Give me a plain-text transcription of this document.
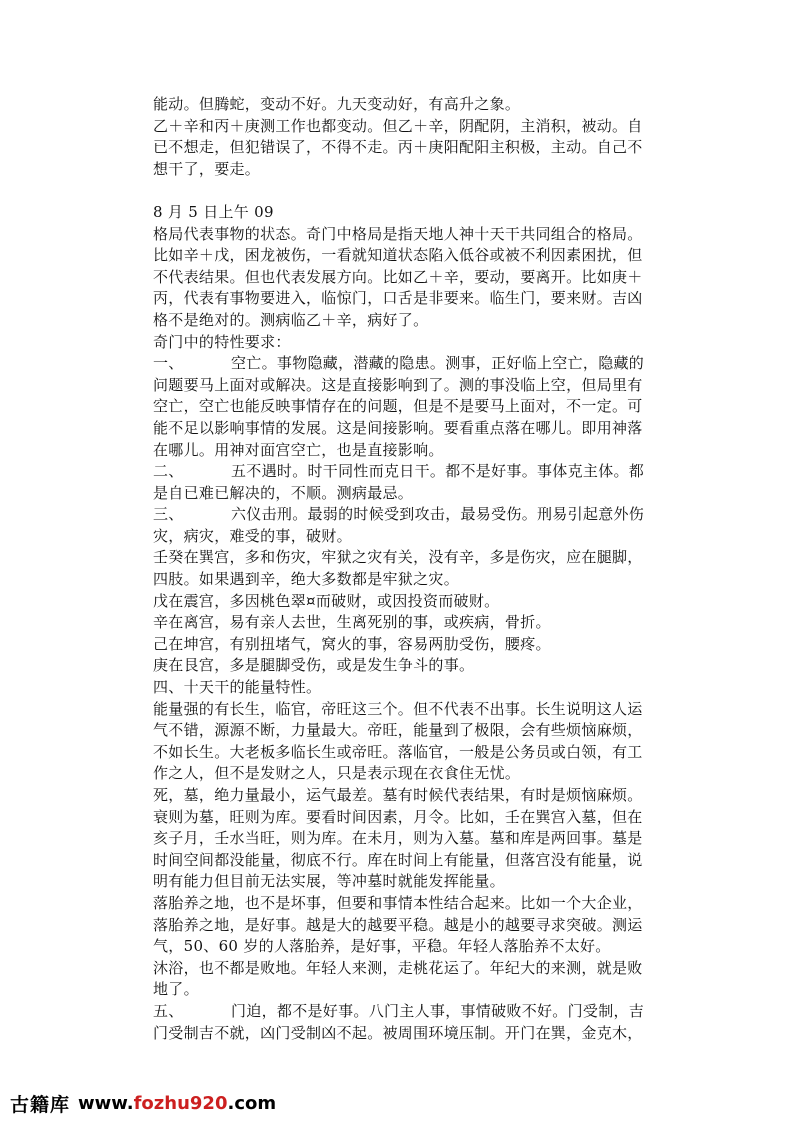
能动。但腾蛇，变动不好。九天变动好，有高升之象。
乙＋辛和丙＋庚测工作也都变动。但乙＋辛，阴配阴，主消积，被动。自
已不想走，但犯错误了，不得不走。丙＋庚阳配阳主积极，主动。自己不
想干了，要走。
8 月 5 日上午 09
格局代表事物的状态。奇门中格局是指天地人神十天干共同组合的格局。
比如辛＋戊，困龙被伤，一看就知道状态陷入低谷或被不利因素困扰，但
不代表结果。但也代表发展方向。比如乙＋辛，要动，要离开。比如庚＋
丙，代表有事物要进入，临惊门，口舌是非要来。临生门，要来财。吉凶
格不是绝对的。测病临乙＋辛，病好了。
奇门中的特性要求：
一、	空亡。事物隐藏，潜藏的隐患。测事，正好临上空亡，隐藏的
问题要马上面对或解决。这是直接影响到了。测的事没临上空，但局里有
空亡，空亡也能反映事情存在的问题，但是不是要马上面对，不一定。可
能不足以影响事情的发展。这是间接影响。要看重点落在哪儿。即用神落
在哪儿。用神对面宫空亡，也是直接影响。
二、	五不遇时。时干同性而克日干。都不是好事。事体克主体。都
是自已难已解决的，不顺。测病最忌。
三、	六仪击刑。最弱的时候受到攻击，最易受伤。刑易引起意外伤
灾，病灾，难受的事，破财。
壬癸在巽宫，多和伤灾，牢狱之灾有关，没有辛，多是伤灾，应在腿脚，
四肢。如果遇到辛，绝大多数都是牢狱之灾。
戊在震宫，多因桃色翠¤而破财，或因投资而破财。
辛在离宫，易有亲人去世，生离死别的事，或疾病，骨折。
己在坤宫，有别扭堵气，窝火的事，容易两肋受伤，腰疼。
庚在艮宫，多是腿脚受伤，或是发生争斗的事。
四、十天干的能量特性。
能量强的有长生，临官，帝旺这三个。但不代表不出事。长生说明这人运
气不错，源源不断，力量最大。帝旺，能量到了极限，会有些烦恼麻烦，
不如长生。大老板多临长生或帝旺。落临官，一般是公务员或白领，有工
作之人，但不是发财之人，只是表示现在衣食住无忧。
死，墓，绝力量最小，运气最差。墓有时候代表结果，有时是烦恼麻烦。
衰则为墓，旺则为库。要看时间因素，月令。比如，壬在巽宫入墓，但在
亥子月，壬水当旺，则为库。在未月，则为入墓。墓和库是两回事。墓是
时间空间都没能量，彻底不行。库在时间上有能量，但落宫没有能量，说
明有能力但目前无法实展，等冲墓时就能发挥能量。
落胎养之地，也不是坏事，但要和事情本性结合起来。比如一个大企业，
落胎养之地，是好事。越是大的越要平稳。越是小的越要寻求突破。测运
气，50、60 岁的人落胎养，是好事，平稳。年轻人落胎养不太好。
沐浴，也不都是败地。年轻人来测，走桃花运了。年纪大的来测，就是败
地了。
五、	门迫，都不是好事。八门主人事，事情破败不好。门受制，吉
门受制吉不就，凶门受制凶不起。被周围环境压制。开门在巽，金克木，
古籍库 www.fozhu920.com
